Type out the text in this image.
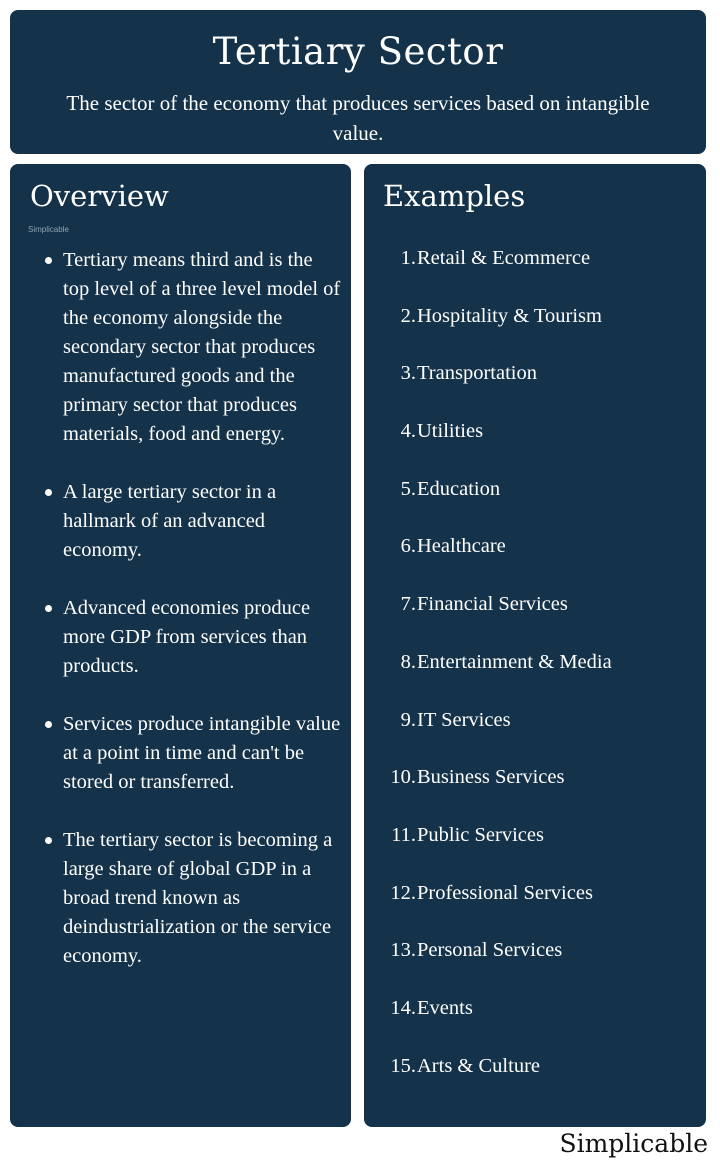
Tertiary Sector

The sector of the economy that produces services based on intangible value.

Overview
Simplicable
Tertiary means third and is the top level of a three level model of the economy alongside the secondary sector that produces manufactured goods and the primary sector that produces materials, food and energy.
A large tertiary sector in a hallmark of an advanced economy.
Advanced economies produce more GDP from services than products.
Services produce intangible value at a point in time and can't be stored or transferred.
The tertiary sector is becoming a large share of global GDP in a broad trend known as deindustrialization or the service economy.
Examples
1. Retail & Ecommerce
2. Hospitality & Tourism
3. Transportation
4. Utilities
5. Education
6. Healthcare
7. Financial Services
8. Entertainment & Media
9. IT Services
10. Business Services
11. Public Services
12. Professional Services
13. Personal Services
14. Events
15. Arts & Culture
Simplicable
